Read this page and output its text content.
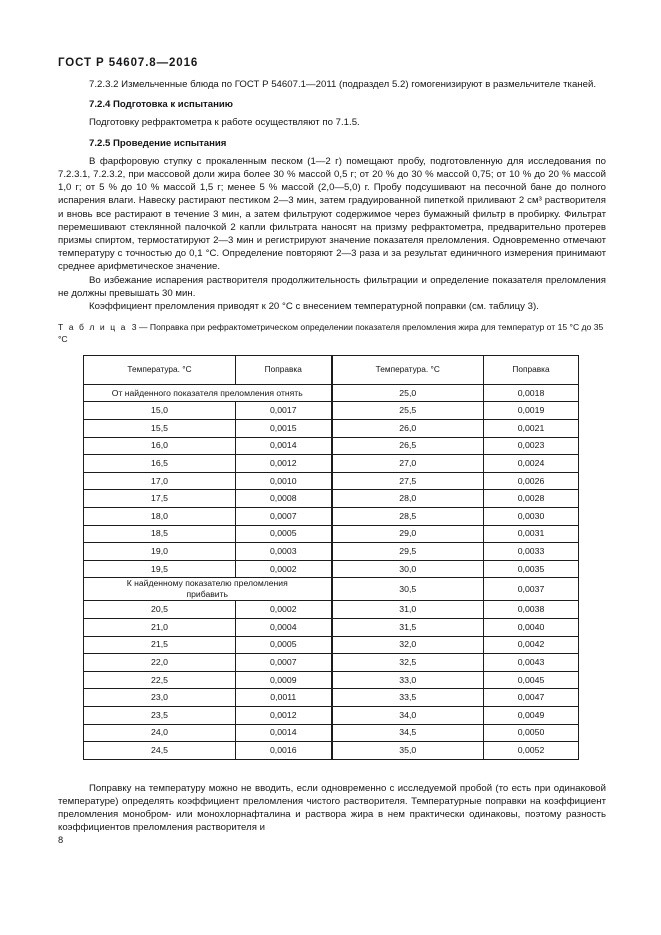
ГОСТ Р 54607.8—2016

7.2.3.2 Измельченные блюда по ГОСТ Р 54607.1—2011 (подраздел 5.2) гомогенизируют в размельчителе тканей.

7.2.4 Подготовка к испытанию

Подготовку рефрактометра к работе осуществляют по 7.1.5.

7.2.5 Проведение испытания

В фарфоровую ступку с прокаленным песком (1—2 г) помещают пробу, подготовленную для исследования по 7.2.3.1, 7.2.3.2, при массовой доли жира более 30 % массой 0,5 г; от 20 % до 30 % массой 0,75; от 10 % до 20 % массой 1,0 г; от 5 % до 10 % массой 1,5 г; менее 5 % массой (2,0—5,0) г. Пробу подсушивают на песочной бане до полного испарения влаги. Навеску растирают пестиком 2—3 мин, затем градуированной пипеткой приливают 2 см³ растворителя и вновь все растирают в течение 3 мин, а затем фильтруют содержимое через бумажный фильтр в пробирку. Фильтрат перемешивают стеклянной палочкой 2 капли фильтрата наносят на призму рефрактометра, предварительно протерев призмы спиртом, термостатируют 2—3 мин и регистрируют значение показателя преломления. Одновременно отмечают температуру с точностью до 0,1 °С. Определение повторяют 2—3 раза и за результат единичного измерения принимают среднее арифметическое значение.

Во избежание испарения растворителя продолжительность фильтрации и определение показателя преломления не должны превышать 30 мин.

Коэффициент преломления приводят к 20 °С с внесением температурной поправки (см. таблицу 3).

Т а б л и ц а 3 — Поправка при рефрактометрическом определении показателя преломления жира для температур от 15 °С до 35 °С

Температура. °С	Поправка	Температура. °С	Поправка
От найденного показателя преломления отнять		25,0	0,0018
15,0	0,0017	25,5	0,0019
15,5	0,0015	26,0	0,0021
16,0	0,0014	26,5	0,0023
16,5	0,0012	27,0	0,0024
17,0	0,0010	27,5	0,0026
17,5	0,0008	28,0	0,0028
18,0	0,0007	28,5	0,0030
18,5	0,0005	29,0	0,0031
19,0	0,0003	29,5	0,0033
19,5	0,0002	30,0	0,0035
К найденному показателю преломления
прибавить		30,5	0,0037
20,5	0,0002	31,0	0,0038
21,0	0,0004	31,5	0,0040
21,5	0,0005	32,0	0,0042
22,0	0,0007	32,5	0,0043
22,5	0,0009	33,0	0,0045
23,0	0,0011	33,5	0,0047
23,5	0,0012	34,0	0,0049
24,0	0,0014	34,5	0,0050
24,5	0,0016	35,0	0,0052

Поправку на температуру можно не вводить, если одновременно с исследуемой пробой (то есть при одинаковой температуре) определять коэффициент преломления чистого растворителя. Температурные поправки на коэффициент преломления монобром- или монохлорнафталина и раствора жира в нем практически одинаковы, поэтому разность коэффициентов преломления растворителя и

8
